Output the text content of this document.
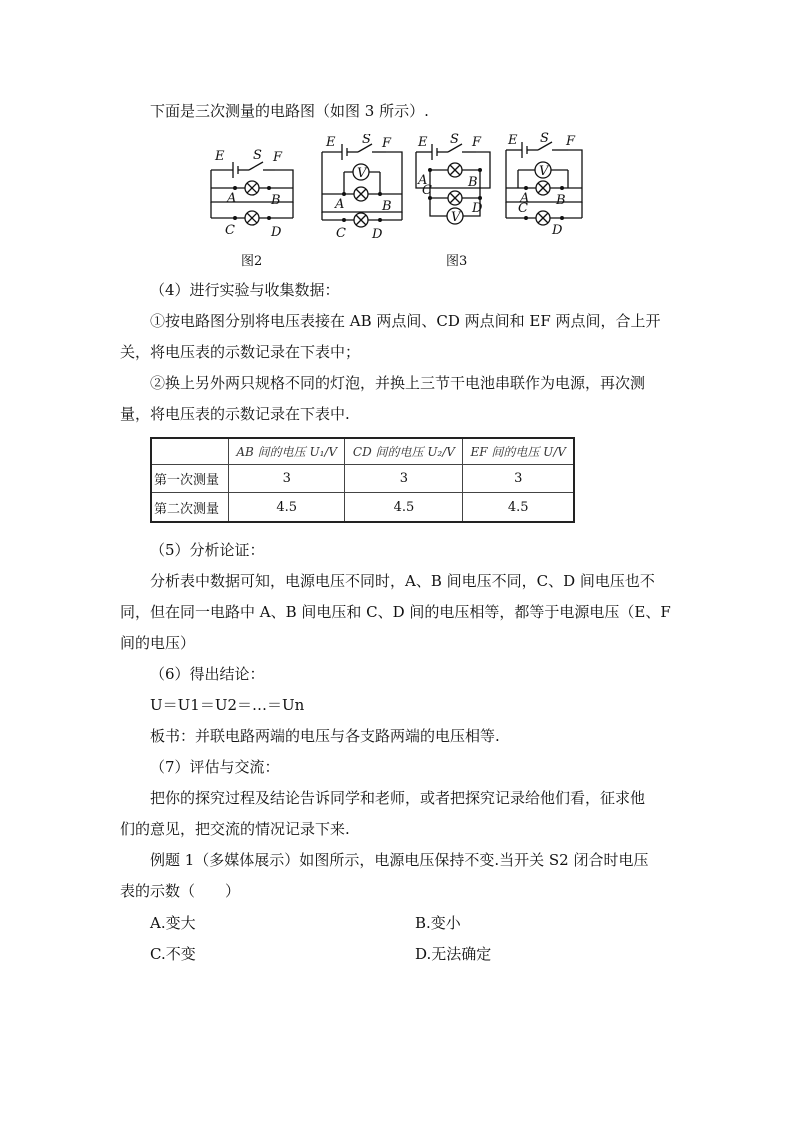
下面是三次测量的电路图（如图 3 所示）.
E S F
A	B
C	D
图2
V
E S F
A	B
C D
V
E S F
A	B
C
D
图3
V
E S F
A B
C
D
（4）进行实验与收集数据：
①按电路图分别将电压表接在 AB 两点间、CD 两点间和 EF 两点间，合上开
关，将电压表的示数记录在下表中；
②换上另外两只规格不同的灯泡，并换上三节干电池串联作为电源，再次测
量，将电压表的示数记录在下表中.
	AB 间的电压 U₁/V	CD 间的电压 U₂/V	EF 间的电压 U/V
第一次测量	3	3	3
第二次测量	4.5	4.5	4.5
（5）分析论证：
分析表中数据可知，电源电压不同时，A、B 间电压不同，C、D 间电压也不
同，但在同一电路中 A、B 间电压和 C、D 间的电压相等，都等于电源电压（E、F
间的电压）
（6）得出结论：
U＝U1＝U2＝…＝Un
板书：并联电路两端的电压与各支路两端的电压相等.
（7）评估与交流：
把你的探究过程及结论告诉同学和老师，或者把探究记录给他们看，征求他
们的意见，把交流的情况记录下来.
例题 1（多媒体展示）如图所示，电源电压保持不变.当开关 S2 闭合时电压
表的示数（　　）
A.变大	B.变小
C.不变	D.无法确定
